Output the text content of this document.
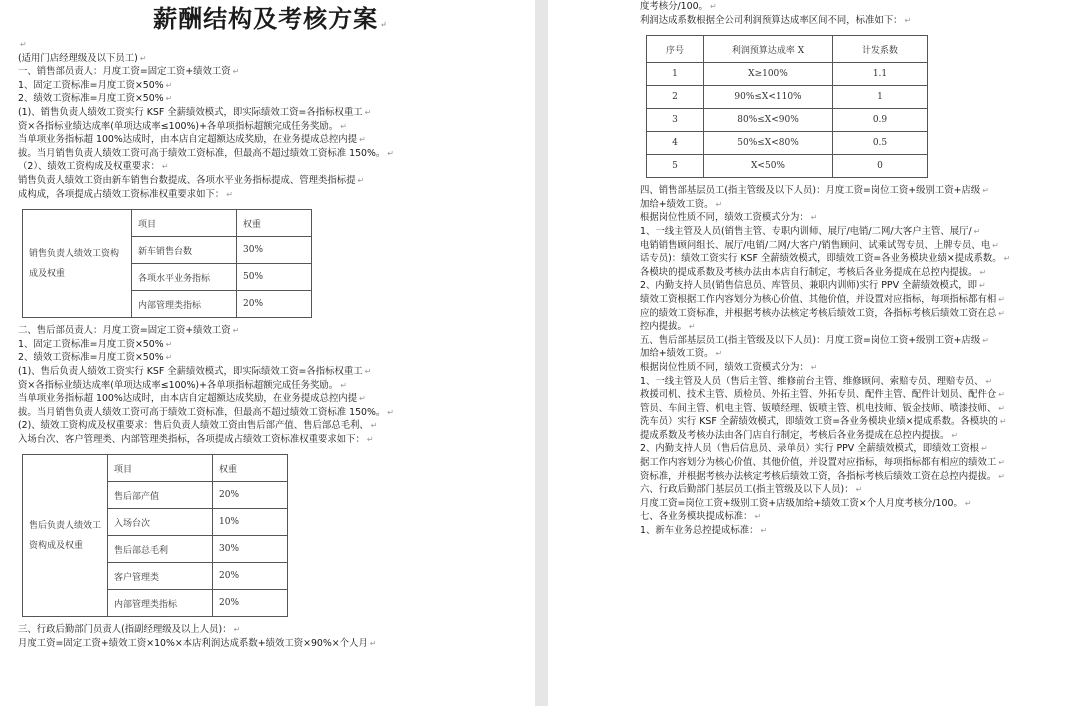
薪酬结构及考核方案 ↵
↵
(适用门店经理级及以下员工) ↵
一、销售部员责人：月度工资=固定工资+绩效工资 ↵
1、固定工资标准=月度工资×50% ↵
2、绩效工资标准=月度工资×50% ↵
(1)、销售负责人绩效工资实行 KSF 全薪绩效模式，即实际绩效工资=各指标权重工 ↵
资×各指标业绩达成率(单项达成率≤100%)+各单项指标超额完成任务奖励。 ↵
当单项业务指标超 100%达成时，由本店自定超额达成奖励，在业务提成总控内提 ↵
拔。当月销售负责人绩效工资可高于绩效工资标准，但最高不超过绩效工资标准 150%。 ↵
（2）、绩效工资构成及权重要求： ↵
销售负责人绩效工资由新车销售台数提成、各项水平业务指标提成、管理类指标提 ↵
成构成，各项提成占绩效工资标准权重要求如下： ↵
销售负责人绩效工资构成及权重	项目	权重
	新车销售台数	30%
	各项水平业务指标	50%
	内部管理类指标	20%
二、售后部员责人：月度工资=固定工资+绩效工资 ↵
1、固定工资标准=月度工资×50% ↵
2、绩效工资标准=月度工资×50% ↵
(1)、售后负责人绩效工资实行 KSF 全薪绩效模式，即实际绩效工资=各指标权重工 ↵
资×各指标业绩达成率(单项达成率≤100%)+各单项指标超额完成任务奖励。 ↵
当单项业务指标超 100%达成时，由本店自定超额达成奖励，在业务提成总控内提 ↵
拔。当月销售负责人绩效工资可高于绩效工资标准，但最高不超过绩效工资标准 150%。 ↵
(2)、绩效工资构成及权重要求：售后负责人绩效工资由售后部产值、售后部总毛利、 ↵
入场台次、客户管理类、内部管理类指标，各项提成占绩效工资标准权重要求如下： ↵
售后负责人绩效工资构成及权重	项目	权重
	售后部产值	20%
	入场台次	10%
	售后部总毛利	30%
	客户管理类	20%
	内部管理类指标	20%
三、行政后勤部门员责人(指副经理级及以上人员)： ↵
月度工资=固定工资+绩效工资×10%×本店利润达成系数+绩效工资×90%×个人月 ↵
度考核分/100。 ↵
利润达成系数根据全公司利润预算达成率区间不同，标准如下： ↵
序号	利润预算达成率 X	计发系数
1	X≥100%	1.1
2	90%≤X<110%	1
3	80%≤X<90%	0.9
4	50%≤X<80%	0.5
5	X<50%	0
四、销售部基层员工(指主管级及以下人员)：月度工资=岗位工资+级别工资+店级 ↵
加给+绩效工资。 ↵
根据岗位性质不同，绩效工资模式分为： ↵
1、一线主管及人员(销售主管、专职内训师、展厅/电销/二网/大客户主管、展厅/ ↵
电销销售顾问组长、展厅/电销/二网/大客户/销售顾问、试乘试驾专员、上牌专员、电 ↵
话专员)：绩效工资实行 KSF 全薪绩效模式，即绩效工资=各业务模块业绩×提成系数。 ↵
各模块的提成系数及考核办法由本店自行制定，考核后各业务提成在总控内提拔。 ↵
2、内勤支持人员(销售信息员、库管员、兼职内训师)实行 PPV 全薪绩效模式，即 ↵
绩效工资根据工作内容划分为核心价值、其他价值，并设置对应指标，每项指标都有相 ↵
应的绩效工资标准，并根据考核办法核定考核后绩效工资，各指标考核后绩效工资在总 ↵
控内提拔。 ↵
五、售后部基层员工(指主管级及以下人员)：月度工资=岗位工资+级别工资+店级 ↵
加给+绩效工资。 ↵
根据岗位性质不同，绩效工资模式分为： ↵
1、一线主管及人员（售后主管、维修前台主管、维修顾问、索赔专员、理赔专员、 ↵
救援司机、技术主管、质检员、外拓主管、外拓专员、配件主管、配件计划员、配件仓 ↵
管员、车间主管、机电主管、钣喷经理、钣喷主管、机电技师、钣金技师、喷漆技师、 ↵
洗车员）实行 KSF 全薪绩效模式，即绩效工资=各业务模块业绩×提成系数。各模块的 ↵
提成系数及考核办法由各门店自行制定，考核后各业务提成在总控内提拔。 ↵
2、内勤支持人员（售后信息员、录单员）实行 PPV 全薪绩效模式，即绩效工资根 ↵
据工作内容划分为核心价值、其他价值，并设置对应指标，每项指标都有相应的绩效工 ↵
资标准，并根据考核办法核定考核后绩效工资，各指标考核后绩效工资在总控内提拔。 ↵
六、行政后勤部门基层员工(指主管级及以下人员)： ↵
月度工资=岗位工资+级别工资+店级加给+绩效工资×个人月度考核分/100。 ↵
七、各业务模块提成标准： ↵
1、新车业务总控提成标准： ↵
